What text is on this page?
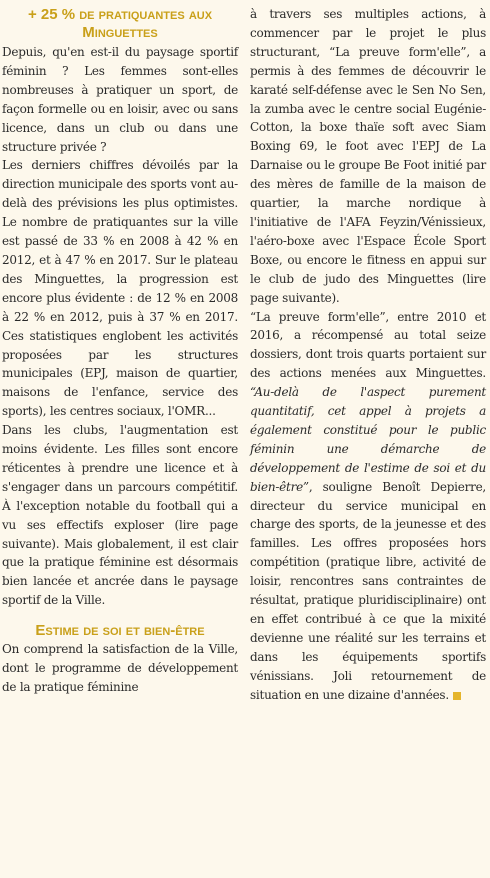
+ 25 % de pratiquantes aux Minguettes

Depuis, qu'en est-il du paysage sportif féminin ? Les femmes sont-elles nombreuses à pratiquer un sport, de façon formelle ou en loisir, avec ou sans licence, dans un club ou dans une structure privée ?

Les derniers chiffres dévoilés par la direction municipale des sports vont au-delà des prévisions les plus optimistes. Le nombre de pratiquantes sur la ville est passé de 33 % en 2008 à 42 % en 2012, et à 47 % en 2017. Sur le plateau des Minguettes, la progression est encore plus évidente : de 12 % en 2008 à 22 % en 2012, puis à 37 % en 2017. Ces statistiques englobent les activités proposées par les structures municipales (EPJ, maison de quartier, maisons de l'enfance, service des sports), les centres sociaux, l'OMR...

Dans les clubs, l'augmentation est moins évidente. Les filles sont encore réticentes à prendre une licence et à s'engager dans un parcours compétitif. À l'exception notable du football qui a vu ses effectifs exploser (lire page suivante). Mais globalement, il est clair que la pratique féminine est désormais bien lancée et ancrée dans le paysage sportif de la Ville.

Estime de soi et bien-être

On comprend la satisfaction de la Ville, dont le programme de développement de la pratique féminine

à travers ses multiples actions, à commencer par le projet le plus structurant, “La preuve form'elle”, a permis à des femmes de découvrir le karaté self-défense avec le Sen No Sen, la zumba avec le centre social Eugénie-Cotton, la boxe thaïe soft avec Siam Boxing 69, le foot avec l'EPJ de La Darnaise ou le groupe Be Foot initié par des mères de famille de la maison de quartier, la marche nordique à l'initiative de l'AFA Feyzin/Vénissieux, l'aéro-boxe avec l'Espace École Sport Boxe, ou encore le fitness en appui sur le club de judo des Minguettes (lire page suivante).

“La preuve form'elle”, entre 2010 et 2016, a récompensé au total seize dossiers, dont trois quarts portaient sur des actions menées aux Minguettes. “Au-delà de l'aspect purement quantitatif, cet appel à projets a également constitué pour le public féminin une démarche de développement de l'estime de soi et du bien-être”, souligne Benoît Depierre, directeur du service municipal en charge des sports, de la jeunesse et des familles. Les offres proposées hors compétition (pratique libre, activité de loisir, rencontres sans contraintes de résultat, pratique pluridisciplinaire) ont en effet contribué à ce que la mixité devienne une réalité sur les terrains et dans les équipements sportifs vénissians. Joli retournement de situation en une dizaine d'années.
